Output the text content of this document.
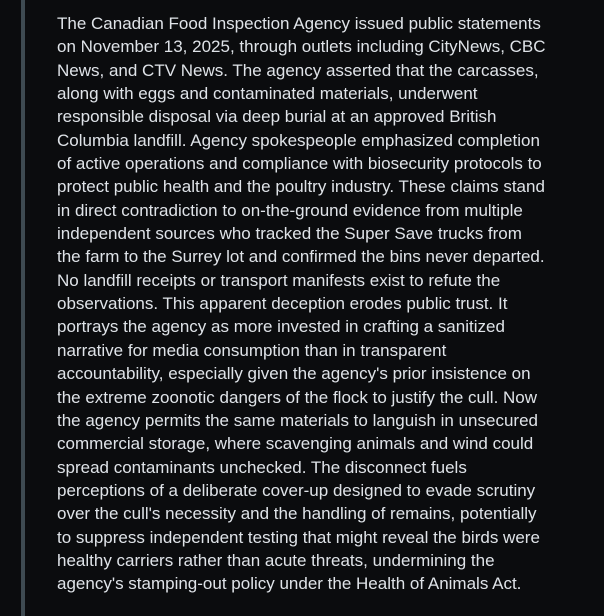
The Canadian Food Inspection Agency issued public statements
on November 13, 2025, through outlets including CityNews, CBC
News, and CTV News. The agency asserted that the carcasses,
along with eggs and contaminated materials, underwent
responsible disposal via deep burial at an approved British
Columbia landfill. Agency spokespeople emphasized completion
of active operations and compliance with biosecurity protocols to
protect public health and the poultry industry. These claims stand
in direct contradiction to on-the-ground evidence from multiple
independent sources who tracked the Super Save trucks from
the farm to the Surrey lot and confirmed the bins never departed.
No landfill receipts or transport manifests exist to refute the
observations. This apparent deception erodes public trust. It
portrays the agency as more invested in crafting a sanitized
narrative for media consumption than in transparent
accountability, especially given the agency's prior insistence on
the extreme zoonotic dangers of the flock to justify the cull. Now
the agency permits the same materials to languish in unsecured
commercial storage, where scavenging animals and wind could
spread contaminants unchecked. The disconnect fuels
perceptions of a deliberate cover-up designed to evade scrutiny
over the cull's necessity and the handling of remains, potentially
to suppress independent testing that might reveal the birds were
healthy carriers rather than acute threats, undermining the
agency's stamping-out policy under the Health of Animals Act.
